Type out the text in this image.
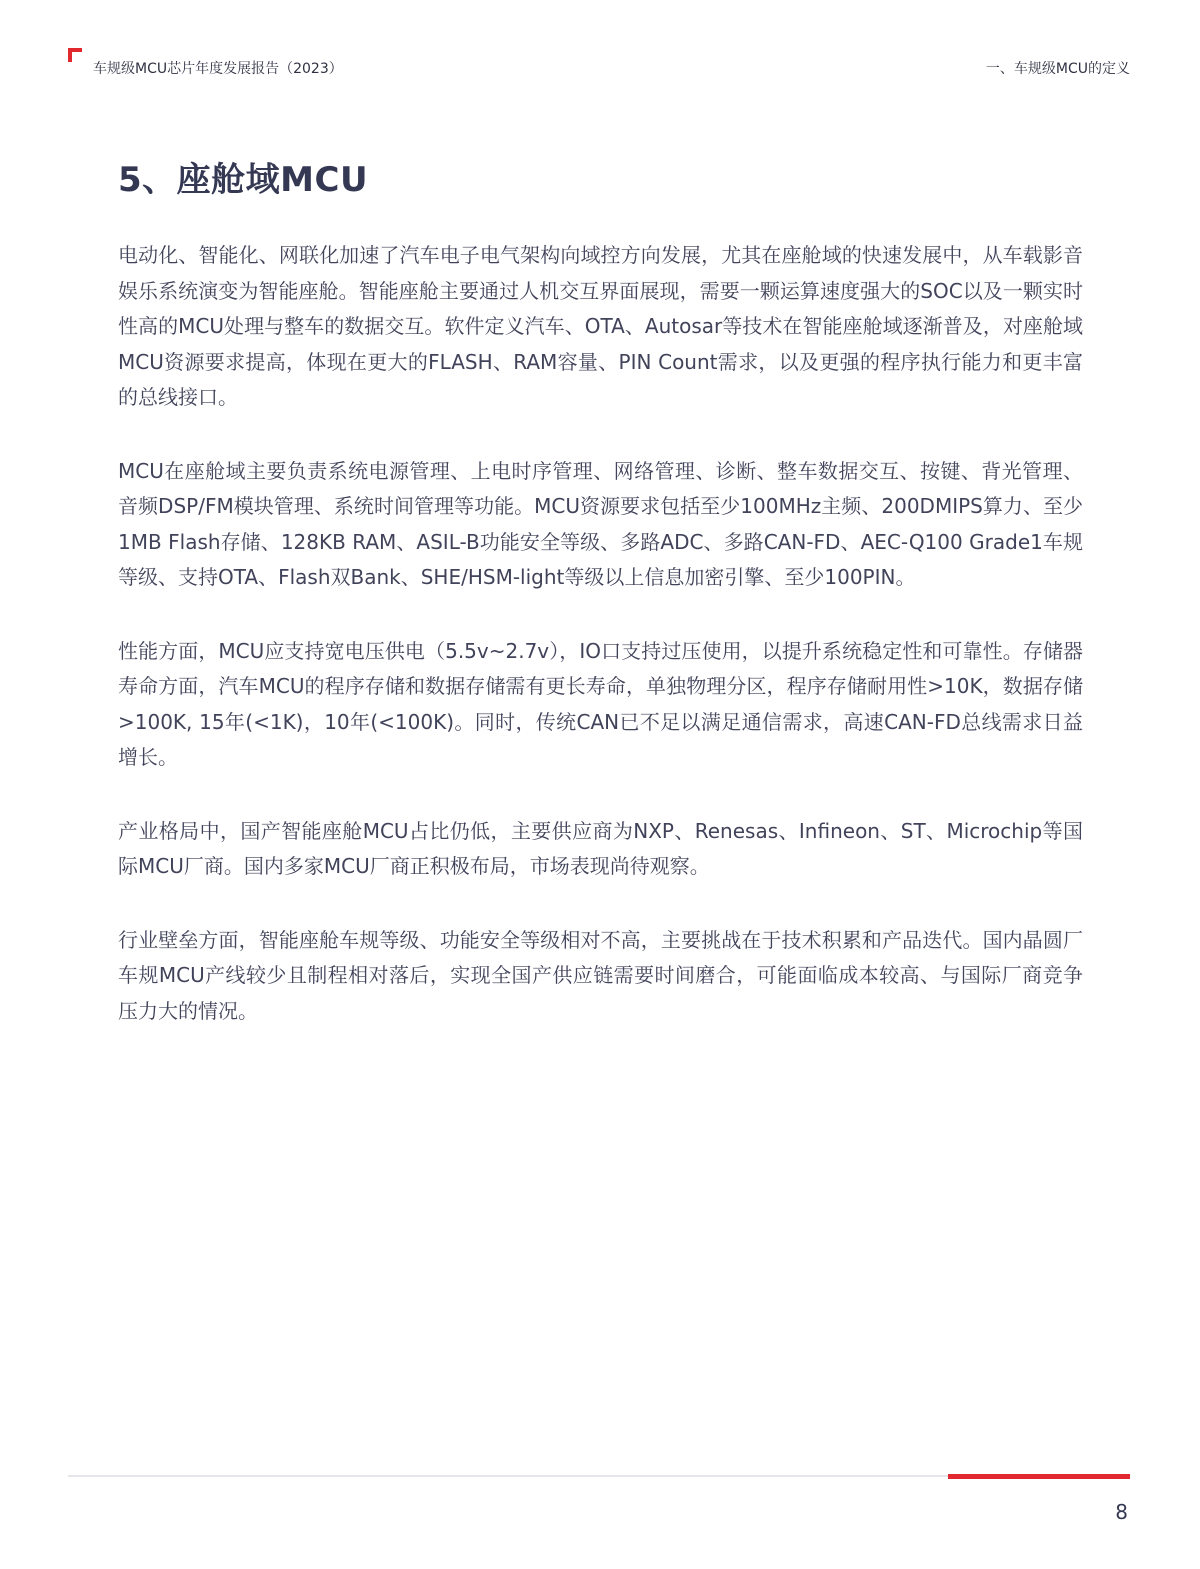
车规级MCU芯片年度发展报告（2023）	一、车规级MCU的定义
5、座舱域MCU

电动化、智能化、网联化加速了汽车电子电气架构向域控方向发展，尤其在座舱域的快速发展中，从车载影音娱乐系统演变为智能座舱。智能座舱主要通过人机交互界面展现，需要一颗运算速度强大的SOC以及一颗实时性高的MCU处理与整车的数据交互。软件定义汽车、OTA、Autosar等技术在智能座舱域逐渐普及，对座舱域MCU资源要求提高，体现在更大的FLASH、RAM容量、PIN Count需求，以及更强的程序执行能力和更丰富的总线接口。

MCU在座舱域主要负责系统电源管理、上电时序管理、网络管理、诊断、整车数据交互、按键、背光管理、音频DSP/FM模块管理、系统时间管理等功能。MCU资源要求包括至少100MHz主频、200DMIPS算力、至少1MB Flash存储、128KB RAM、ASIL-B功能安全等级、多路ADC、多路CAN-FD、AEC-Q100 Grade1车规等级、支持OTA、Flash双Bank、SHE/HSM-light等级以上信息加密引擎、至少100PIN。

性能方面，MCU应支持宽电压供电（5.5v~2.7v），IO口支持过压使用，以提升系统稳定性和可靠性。存储器寿命方面，汽车MCU的程序存储和数据存储需有更长寿命，单独物理分区，程序存储耐用性>10K，数据存储>100K, 15年(<1K)，10年(<100K)。同时，传统CAN已不足以满足通信需求，高速CAN-FD总线需求日益增长。

产业格局中，国产智能座舱MCU占比仍低，主要供应商为NXP、Renesas、Infineon、ST、Microchip等国际MCU厂商。国内多家MCU厂商正积极布局，市场表现尚待观察。

行业壁垒方面，智能座舱车规等级、功能安全等级相对不高，主要挑战在于技术积累和产品迭代。国内晶圆厂车规MCU产线较少且制程相对落后，实现全国产供应链需要时间磨合，可能面临成本较高、与国际厂商竞争压力大的情况。

8
